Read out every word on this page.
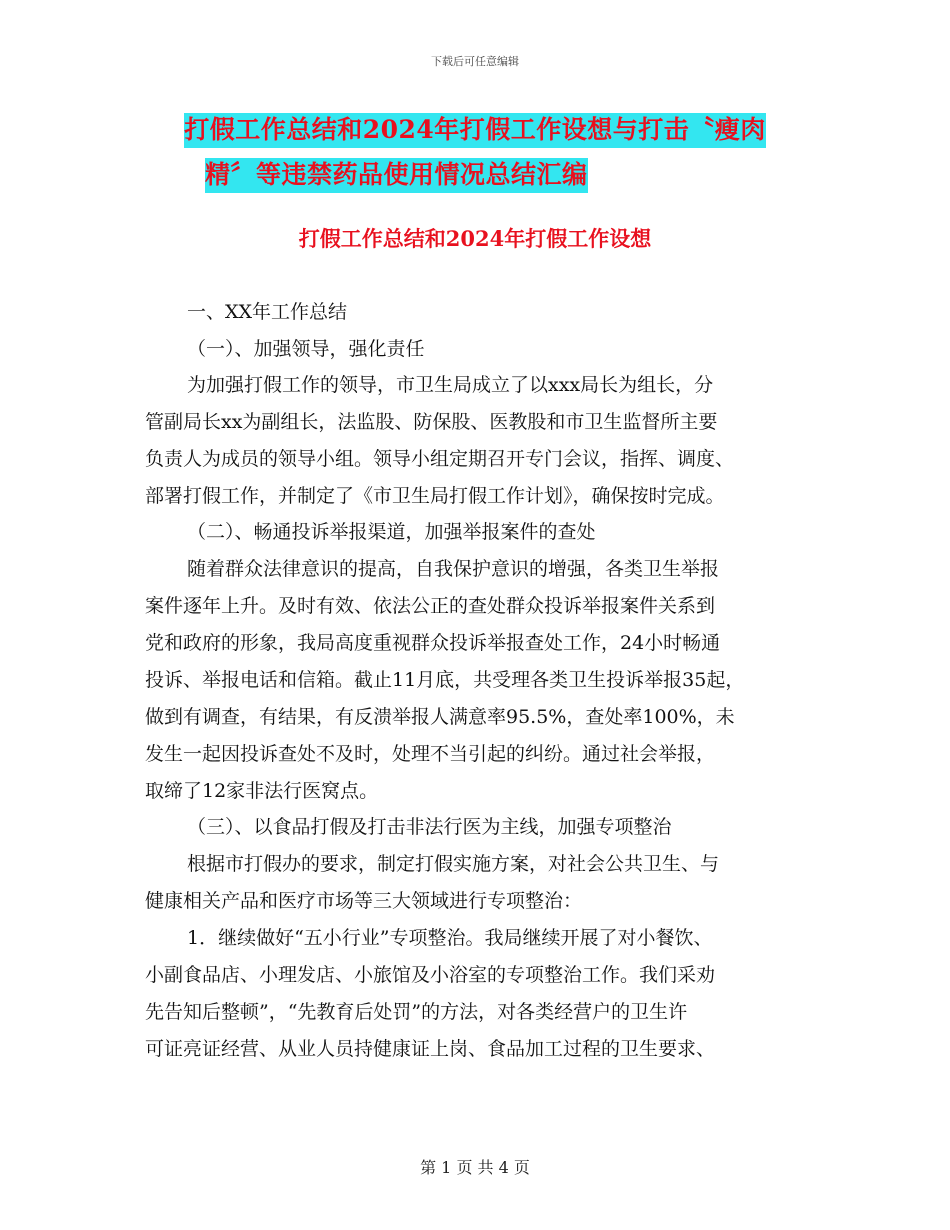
下载后可任意编辑
打假工作总结和2024年打假工作设想与打击〝瘦肉
精〞等违禁药品使用情况总结汇编
打假工作总结和2024年打假工作设想
一、XX年工作总结
（一）、加强领导，强化责任
为加强打假工作的领导，市卫生局成立了以xxx局长为组长，分
管副局长xx为副组长，法监股、防保股、医教股和市卫生监督所主要
负责人为成员的领导小组。领导小组定期召开专门会议，指挥、调度、
部署打假工作，并制定了《市卫生局打假工作计划》，确保按时完成。
（二）、畅通投诉举报渠道，加强举报案件的查处
随着群众法律意识的提高，自我保护意识的增强，各类卫生举报
案件逐年上升。及时有效、依法公正的查处群众投诉举报案件关系到
党和政府的形象，我局高度重视群众投诉举报查处工作，24小时畅通
投诉、举报电话和信箱。截止11月底，共受理各类卫生投诉举报35起，
做到有调查，有结果，有反溃举报人满意率95.5%，查处率100%，未
发生一起因投诉查处不及时，处理不当引起的纠纷。通过社会举报，
取缔了12家非法行医窝点。
（三）、以食品打假及打击非法行医为主线，加强专项整治
根据市打假办的要求，制定打假实施方案，对社会公共卫生、与
健康相关产品和医疗市场等三大领域进行专项整治：
1．继续做好“五小行业”专项整治。我局继续开展了对小餐饮、
小副食品店、小理发店、小旅馆及小浴室的专项整治工作。我们采劝
先告知后整顿”，“先教育后处罚”的方法，对各类经营户的卫生许
可证亮证经营、从业人员持健康证上岗、食品加工过程的卫生要求、
第 1 页 共 4 页
